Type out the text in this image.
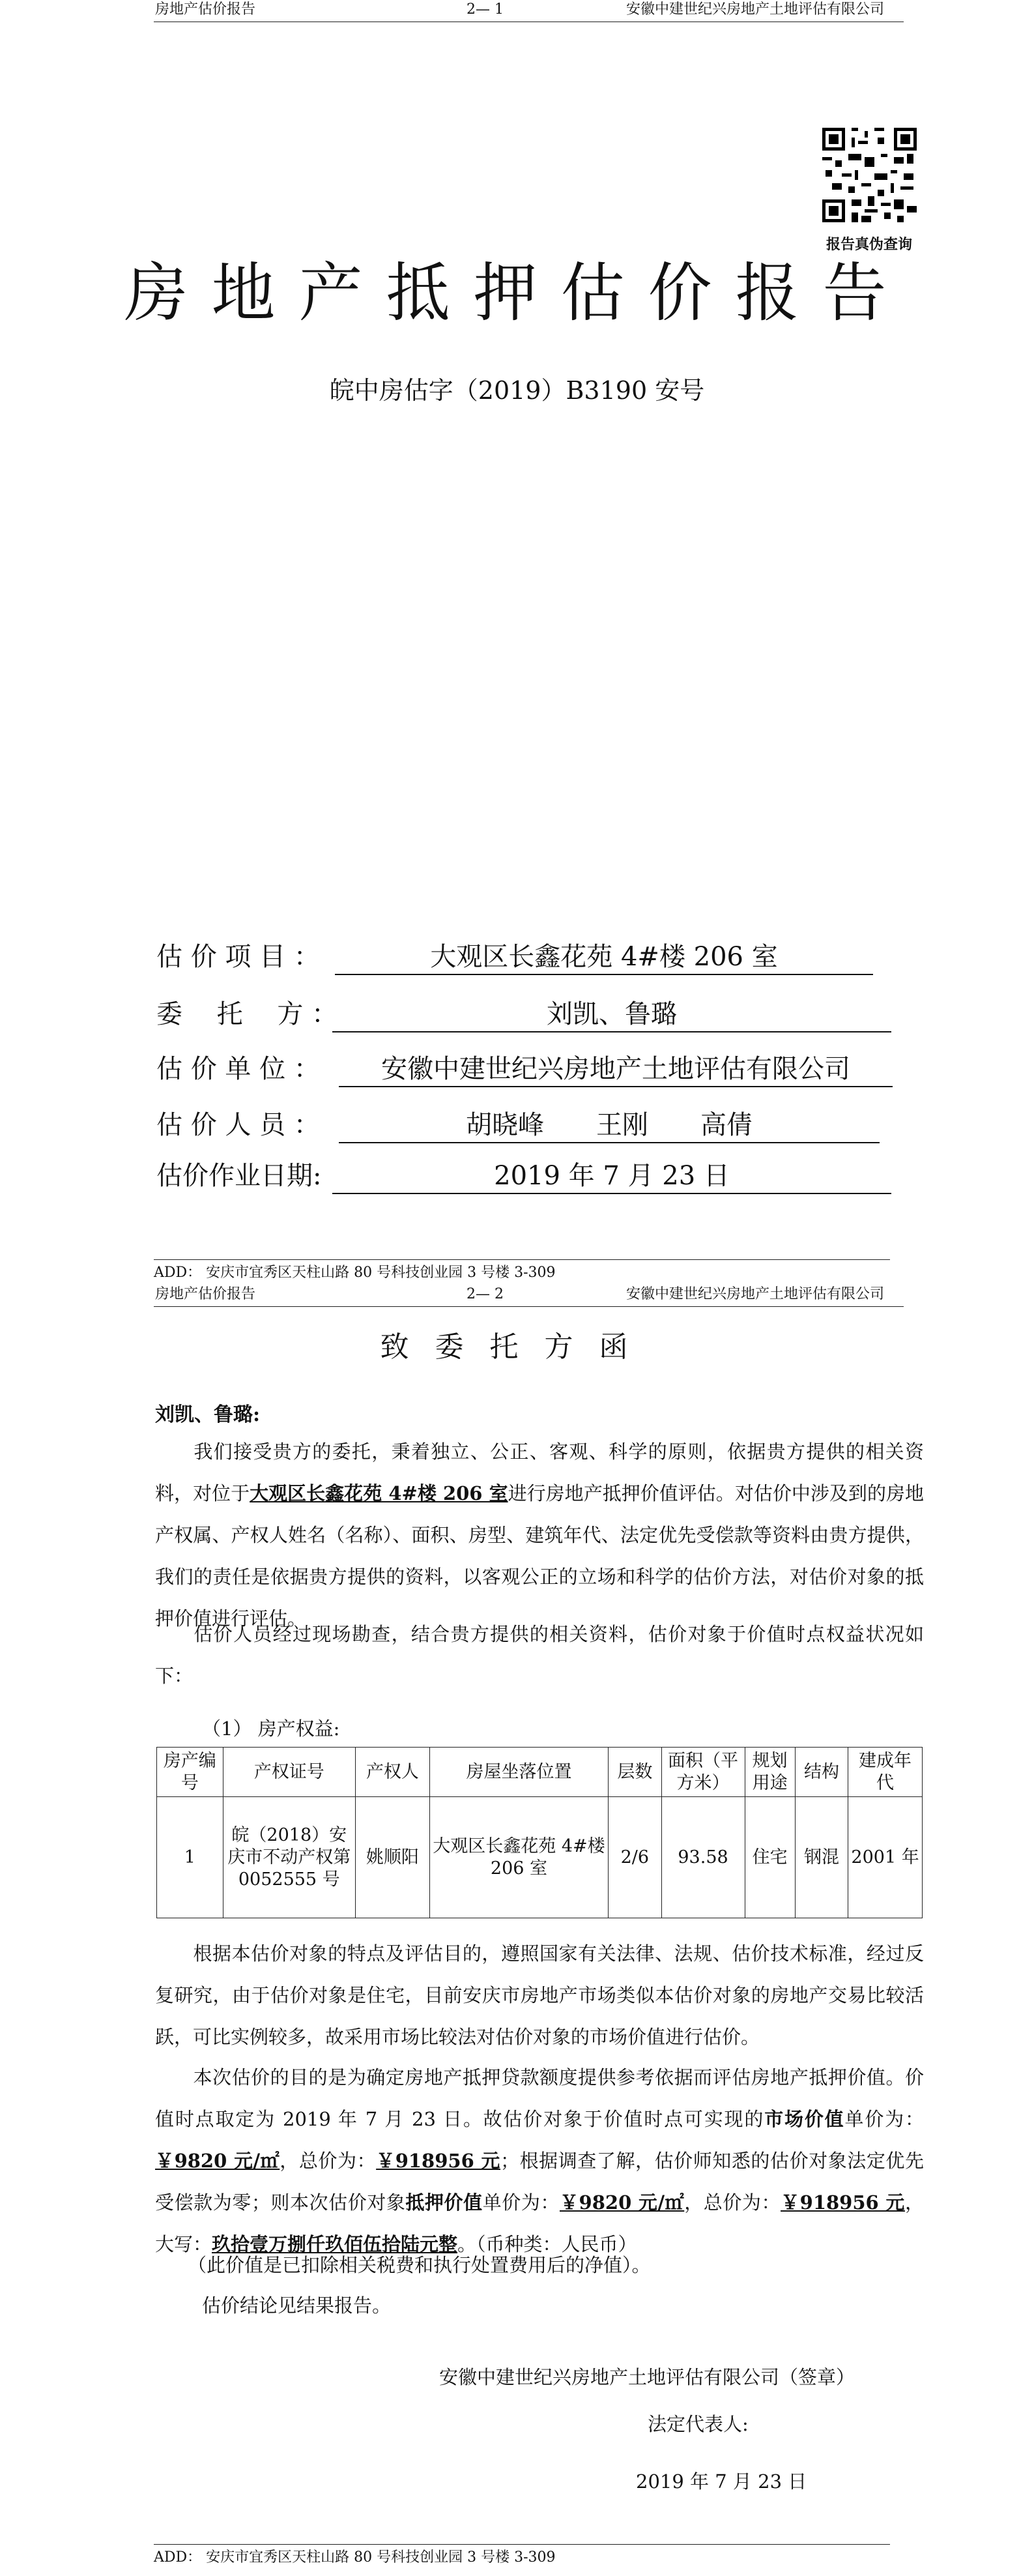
房地产估价报告	2— 1	安徽中建世纪兴房地产土地评估有限公司
报告真伪查询
房地产抵押估价报告
皖中房估字（2019）B3190 安号
估 价 项 目 ：	大观区长鑫花苑 4#楼 206 室
委　 托　 方 ：	刘凯、鲁璐
估 价 单 位 ：	安徽中建世纪兴房地产土地评估有限公司
估 价 人 员 ：	胡晓峰　　王刚　　高倩
估价作业日期:	2019 年 7 月 23 日
ADD： 安庆市宜秀区天柱山路 80 号科技创业园 3 号楼 3-309
房地产估价报告	2— 2	安徽中建世纪兴房地产土地评估有限公司
致委托方函
刘凯、鲁璐:
我们接受贵方的委托，秉着独立、公正、客观、科学的原则，依据贵方提供的相关资料，对位于大观区长鑫花苑 4#楼 206 室进行房地产抵押价值评估。对估价中涉及到的房地产权属、产权人姓名（名称）、面积、房型、建筑年代、法定优先受偿款等资料由贵方提供，我们的责任是依据贵方提供的资料，以客观公正的立场和科学的估价方法，对估价对象的抵押价值进行评估。
估价人员经过现场勘查，结合贵方提供的相关资料，估价对象于价值时点权益状况如下：
（1） 房产权益:
房产编号	产权证号	产权人	房屋坐落位置	层数	面积（平方米）	规划用途	结构	建成年代
1	皖（2018）安庆市不动产权第 0052555 号	姚顺阳	大观区长鑫花苑 4#楼 206 室	2/6	93.58	住宅	钢混	2001 年
根据本估价对象的特点及评估目的，遵照国家有关法律、法规、估价技术标准，经过反复研究，由于估价对象是住宅，目前安庆市房地产市场类似本估价对象的房地产交易比较活跃，可比实例较多，故采用市场比较法对估价对象的市场价值进行估价。
本次估价的目的是为确定房地产抵押贷款额度提供参考依据而评估房地产抵押价值。价值时点取定为 2019 年 7 月 23 日。故估价对象于价值时点可实现的市场价值单价为：￥9820 元/㎡，总价为：￥918956 元；根据调查了解，估价师知悉的估价对象法定优先受偿款为零；则本次估价对象抵押价值单价为：￥9820 元/㎡，总价为：￥918956 元，大写：玖拾壹万捌仟玖佰伍拾陆元整。（币种类：人民币）
（此价值是已扣除相关税费和执行处置费用后的净值）。
估价结论见结果报告。
安徽中建世纪兴房地产土地评估有限公司（签章）
法定代表人:
2019 年 7 月 23 日
ADD： 安庆市宜秀区天柱山路 80 号科技创业园 3 号楼 3-309
